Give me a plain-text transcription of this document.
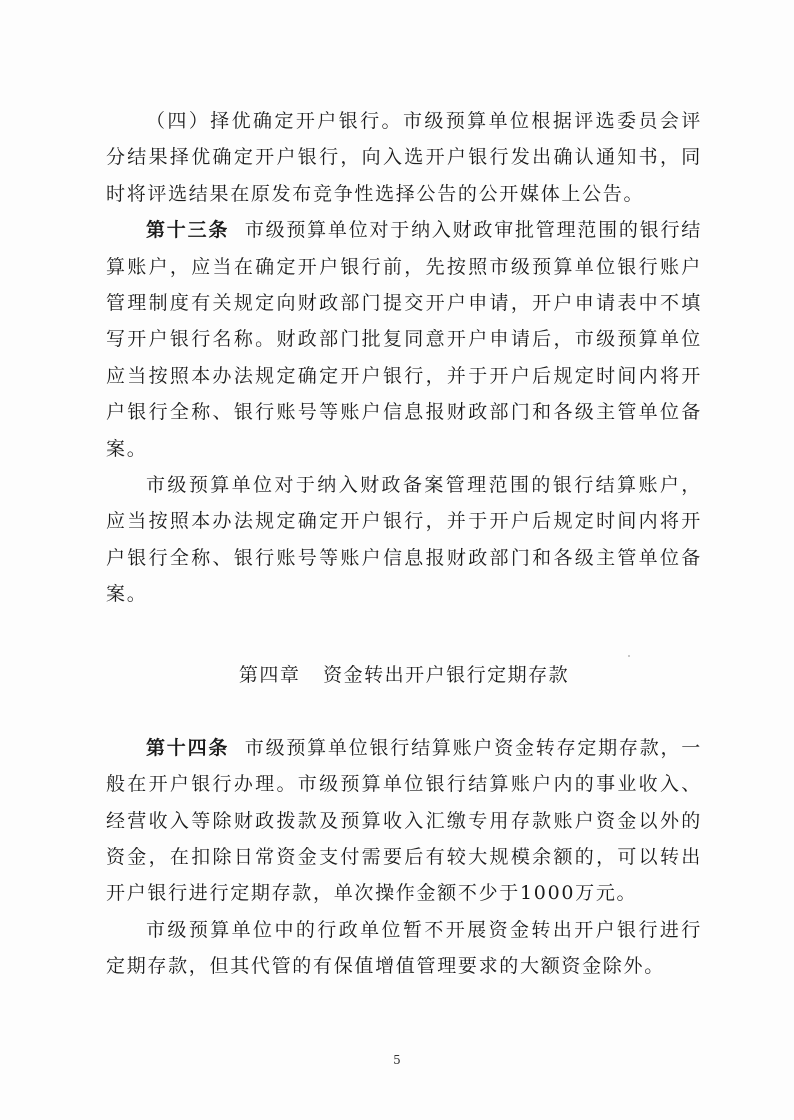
（四）择优确定开户银行。市级预算单位根据评选委员会评分结果择优确定开户银行，向入选开户银行发出确认通知书，同时将评选结果在原发布竞争性选择公告的公开媒体上公告。

第十三条 市级预算单位对于纳入财政审批管理范围的银行结算账户，应当在确定开户银行前，先按照市级预算单位银行账户管理制度有关规定向财政部门提交开户申请，开户申请表中不填写开户银行名称。财政部门批复同意开户申请后，市级预算单位应当按照本办法规定确定开户银行，并于开户后规定时间内将开户银行全称、银行账号等账户信息报财政部门和各级主管单位备案。

市级预算单位对于纳入财政备案管理范围的银行结算账户，应当按照本办法规定确定开户银行，并于开户后规定时间内将开户银行全称、银行账号等账户信息报财政部门和各级主管单位备案。

第四章 资金转出开户银行定期存款

第十四条 市级预算单位银行结算账户资金转存定期存款，一般在开户银行办理。市级预算单位银行结算账户内的事业收入、经营收入等除财政拨款及预算收入汇缴专用存款账户资金以外的资金，在扣除日常资金支付需要后有较大规模余额的，可以转出开户银行进行定期存款，单次操作金额不少于1000万元。

市级预算单位中的行政单位暂不开展资金转出开户银行进行定期存款，但其代管的有保值增值管理要求的大额资金除外。

5
